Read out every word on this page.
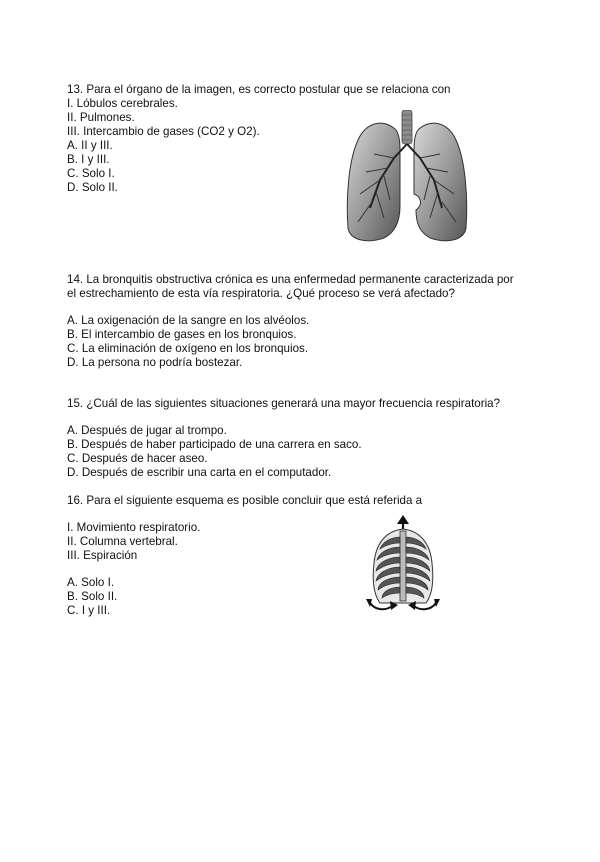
13. Para el órgano de la imagen, es correcto postular que se relaciona con
I. Lóbulos cerebrales.
II. Pulmones.
III. Intercambio de gases (CO2 y O2).
A. II y III.
B. I y III.
C. Solo I.
D. Solo II.
14. La bronquitis obstructiva crónica es una enfermedad permanente caracterizada por
el estrechamiento de esta vía respiratoria. ¿Qué proceso se verá afectado?
A. La oxigenación de la sangre en los alvéolos.
B. El intercambio de gases en los bronquios.
C. La eliminación de oxígeno en los bronquios.
D. La persona no podría bostezar.
15. ¿Cuál de las siguientes situaciones generará una mayor frecuencia respiratoria?
A. Después de jugar al trompo.
B. Después de haber participado de una carrera en saco.
C. Después de hacer aseo.
D. Después de escribir una carta en el computador.
16. Para el siguiente esquema es posible concluir que está referida a
I. Movimiento respiratorio.
II. Columna vertebral.
III. Espiración
A. Solo I.
B. Solo II.
C. I y III.
